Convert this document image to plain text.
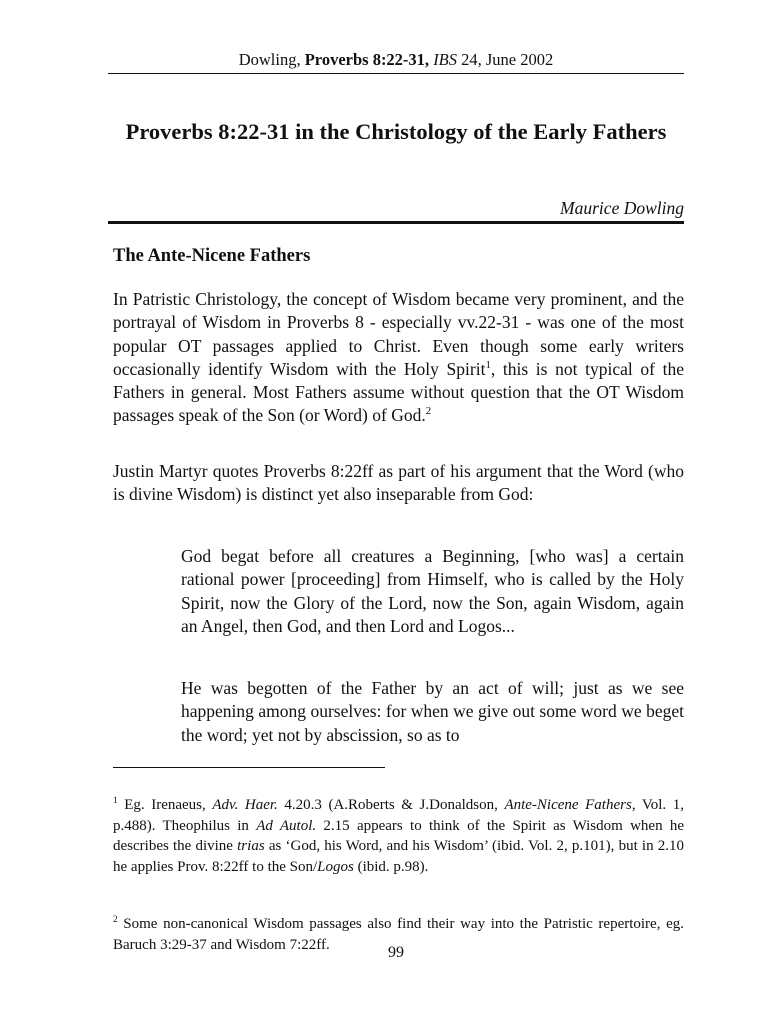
Dowling, Proverbs 8:22-31, IBS 24, June 2002
Proverbs 8:22-31 in the Christology of the Early Fathers
Maurice Dowling
The Ante-Nicene Fathers

In Patristic Christology, the concept of Wisdom became very prominent, and the portrayal of Wisdom in Proverbs 8 - especially vv.22-31 - was one of the most popular OT passages applied to Christ. Even though some early writers occasionally identify Wisdom with the Holy Spirit$^1$, this is not typical of the Fathers in general. Most Fathers assume without question that the OT Wisdom passages speak of the Son (or Word) of God.$^2$

Justin Martyr quotes Proverbs 8:22ff as part of his argument that the Word (who is divine Wisdom) is distinct yet also inseparable from God:

God begat before all creatures a Beginning, [who was] a certain rational power [proceeding] from Himself, who is called by the Holy Spirit, now the Glory of the Lord, now the Son, again Wisdom, again an Angel, then God, and then Lord and Logos...

He was begotten of the Father by an act of will; just as we see happening among ourselves: for when we give out some word we beget the word; yet not by abscission, so as to

$^1$ Eg. Irenaeus, Adv. Haer. 4.20.3 (A.Roberts & J.Donaldson, Ante-Nicene Fathers, Vol. 1, p.488). Theophilus in Ad Autol. 2.15 appears to think of the Spirit as Wisdom when he describes the divine trias as ‘God, his Word, and his Wisdom’ (ibid. Vol. 2, p.101), but in 2.10 he applies Prov. 8:22ff to the Son/Logos (ibid. p.98).

$^2$ Some non-canonical Wisdom passages also find their way into the Patristic repertoire, eg. Baruch 3:29-37 and Wisdom 7:22ff.	99
